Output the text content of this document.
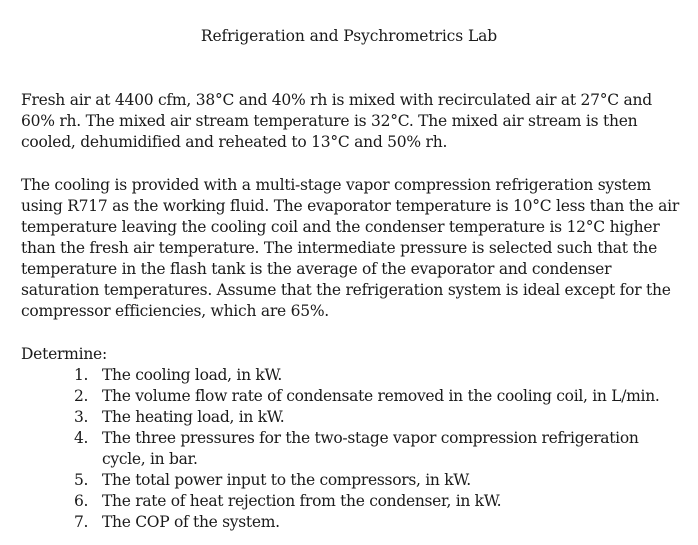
Refrigeration and Psychrometrics Lab

Fresh air at 4400 cfm, 38°C and 40% rh is mixed with recirculated air at 27°C and 60% rh. The mixed air stream temperature is 32°C. The mixed air stream is then cooled, dehumidified and reheated to 13°C and 50% rh.

The cooling is provided with a multi-stage vapor compression refrigeration system using R717 as the working fluid. The evaporator temperature is 10°C less than the air temperature leaving the cooling coil and the condenser temperature is 12°C higher than the fresh air temperature. The intermediate pressure is selected such that the temperature in the flash tank is the average of the evaporator and condenser saturation temperatures. Assume that the refrigeration system is ideal except for the compressor efficiencies, which are 65%.

Determine:
1. The cooling load, in kW.
2. The volume flow rate of condensate removed in the cooling coil, in L/min.
3. The heating load, in kW.
4. The three pressures for the two-stage vapor compression refrigeration cycle, in bar.
5. The total power input to the compressors, in kW.
6. The rate of heat rejection from the condenser, in kW.
7. The COP of the system.
